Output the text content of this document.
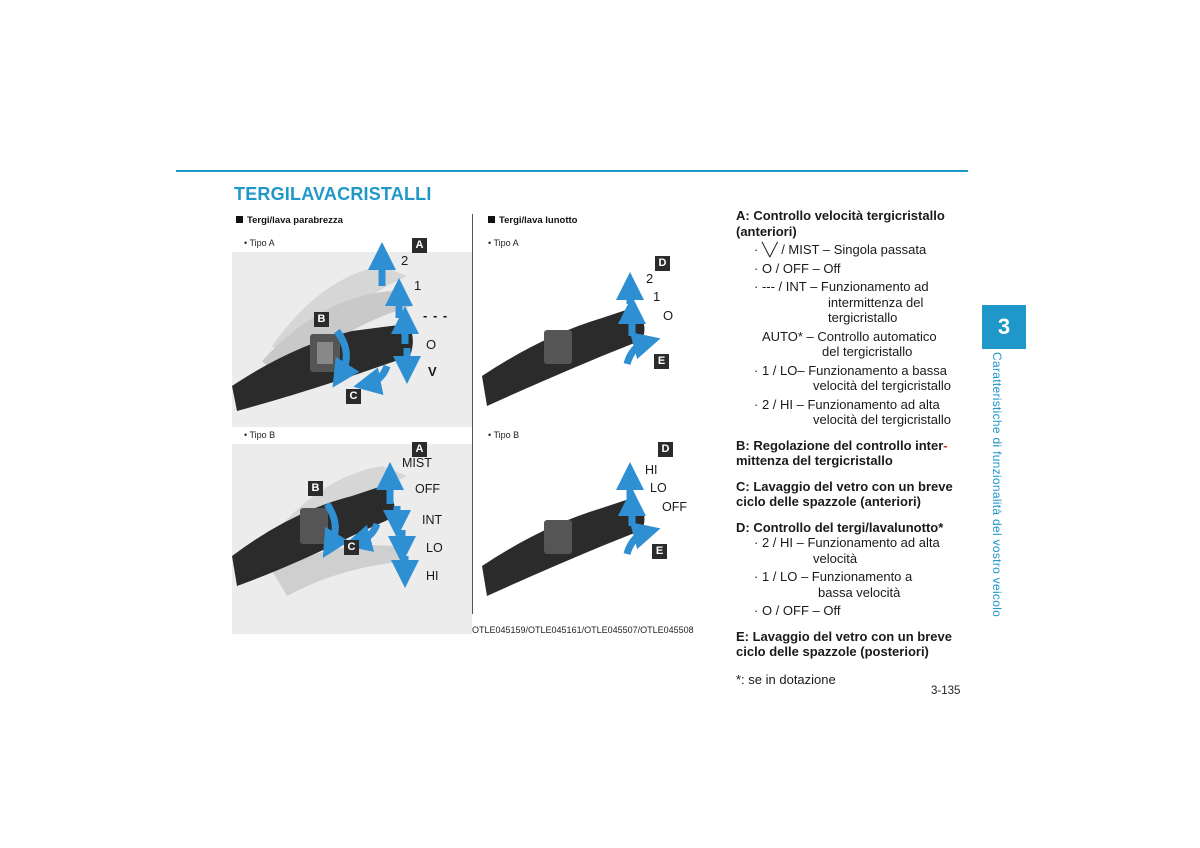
TERGILAVACRISTALLI
Tergi/lava parabrezza	Tergi/lava lunotto
• Tipo A	• Tipo A
• Tipo B	• Tipo B
A
B
C
A
B
C
D
E
D
E
2
1
- - -
O
V
MIST
OFF
INT
LO
HI
2
1
O
HI
LO
OFF
OTLE045159/OTLE045161/OTLE045507/OTLE045508
A: Controllo velocità tergicristallo
(anteriori)
· ╲╱ / MIST – Singola passata
· O / OFF – Off
· --- / INT – Funzionamento ad
intermittenza del
tergicristallo
AUTO* – Controllo automatico
del tergicristallo
· 1 / LO– Funzionamento a bassa
velocità del tergicristallo
· 2 / HI – Funzionamento ad alta
velocità del tergicristallo
B: Regolazione del controllo inter-
mittenza del tergicristallo
C: Lavaggio del vetro con un breve
ciclo delle spazzole (anteriori)
D: Controllo del tergi/lavalunotto*
· 2 / HI – Funzionamento ad alta
velocità
· 1 / LO – Funzionamento a
bassa velocità
· O / OFF – Off
E: Lavaggio del vetro con un breve
ciclo delle spazzole (posteriori)
*: se in dotazione
3
Caratteristiche di funzionalità del vostro veicolo
3-135
